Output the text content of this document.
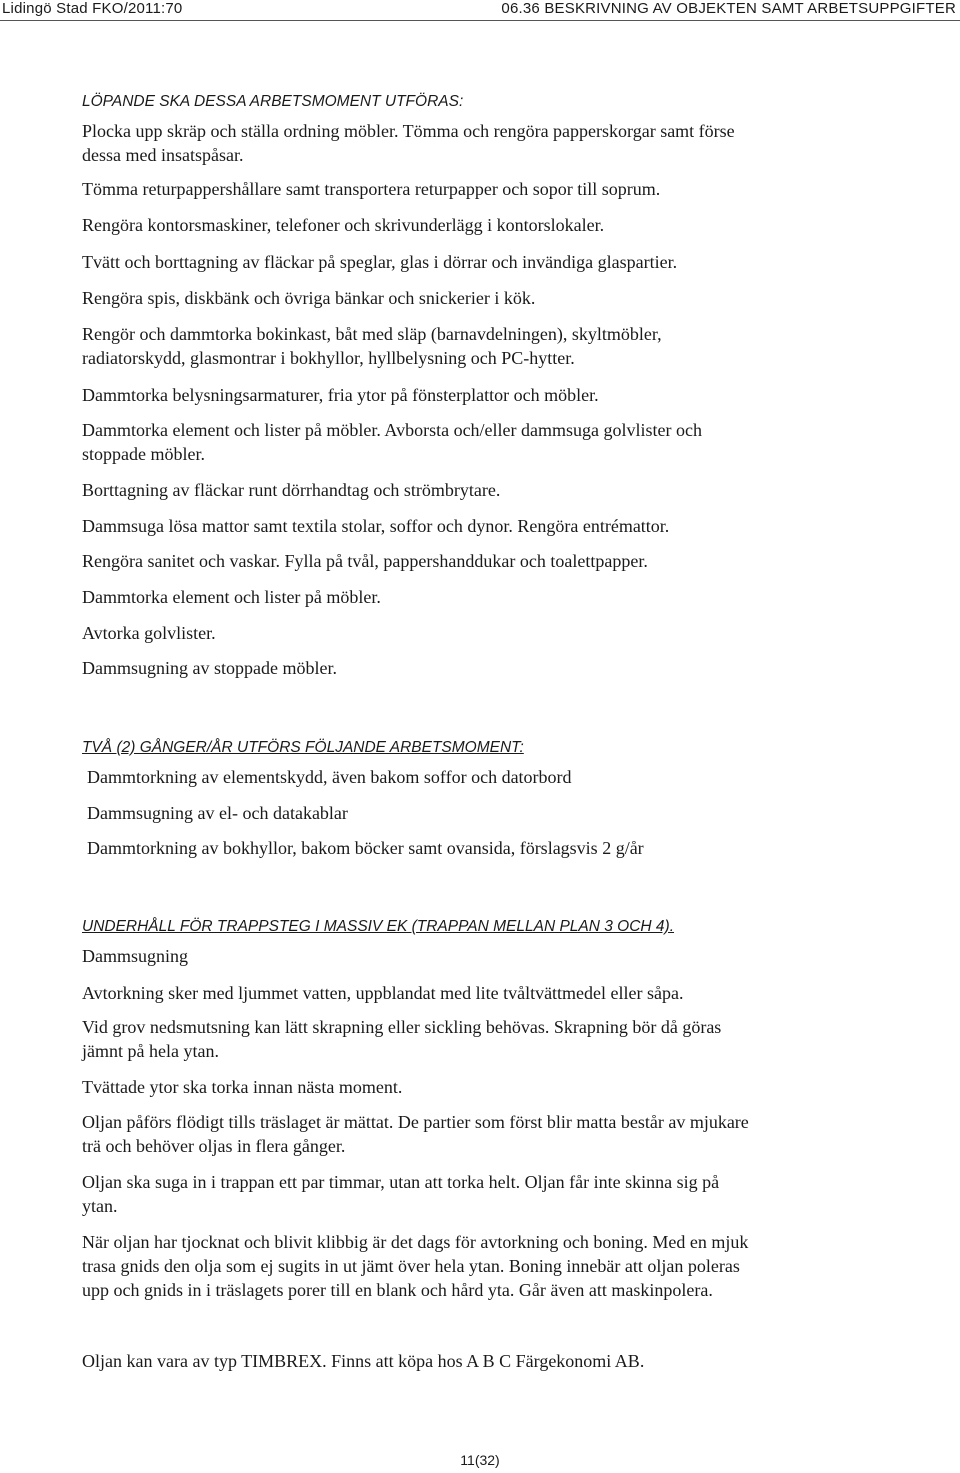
Lidingö Stad FKO/2011:70	06.36 BESKRIVNING AV OBJEKTEN SAMT ARBETSUPPGIFTER
LÖPANDE SKA DESSA ARBETSMOMENT UTFÖRAS:
Plocka upp skräp och ställa ordning möbler. Tömma och rengöra papperskorgar samt förse
dessa med insatspåsar.
Tömma returpappershållare samt transportera returpapper och sopor till soprum.
Rengöra kontorsmaskiner, telefoner och skrivunderlägg i kontorslokaler.
Tvätt och borttagning av fläckar på speglar, glas i dörrar och invändiga glaspartier.
Rengöra spis, diskbänk och övriga bänkar och snickerier i kök.
Rengör och dammtorka bokinkast, båt med släp (barnavdelningen), skyltmöbler,
radiatorskydd, glasmontrar i bokhyllor, hyllbelysning och PC-hytter.
Dammtorka belysningsarmaturer, fria ytor på fönsterplattor och möbler.
Dammtorka element och lister på möbler. Avborsta och/eller dammsuga golvlister och
stoppade möbler.
Borttagning av fläckar runt dörrhandtag och strömbrytare.
Dammsuga lösa mattor samt textila stolar, soffor och dynor. Rengöra entrémattor.
Rengöra sanitet och vaskar. Fylla på tvål, pappershanddukar och toalettpapper.
Dammtorka element och lister på möbler.
Avtorka golvlister.
Dammsugning av stoppade möbler.
TVÅ (2) GÅNGER/ÅR UTFÖRS FÖLJANDE ARBETSMOMENT:
Dammtorkning av elementskydd, även bakom soffor och datorbord
Dammsugning av el- och datakablar
Dammtorkning av bokhyllor, bakom böcker samt ovansida, förslagsvis 2 g/år
UNDERHÅLL FÖR TRAPPSTEG I MASSIV EK (TRAPPAN MELLAN PLAN 3 OCH 4).
Dammsugning
Avtorkning sker med ljummet vatten, uppblandat med lite tvåltvättmedel eller såpa.
Vid grov nedsmutsning kan lätt skrapning eller sickling behövas. Skrapning bör då göras
jämnt på hela ytan.
Tvättade ytor ska torka innan nästa moment.
Oljan påförs flödigt tills träslaget är mättat. De partier som först blir matta består av mjukare
trä och behöver oljas in flera gånger.
Oljan ska suga in i trappan ett par timmar, utan att torka helt. Oljan får inte skinna sig på
ytan.
När oljan har tjocknat och blivit klibbig är det dags för avtorkning och boning. Med en mjuk
trasa gnids den olja som ej sugits in ut jämt över hela ytan. Boning innebär att oljan poleras
upp och gnids in i träslagets porer till en blank och hård yta. Går även att maskinpolera.
Oljan kan vara av typ TIMBREX. Finns att köpa hos A B C Färgekonomi AB.
11(32)
